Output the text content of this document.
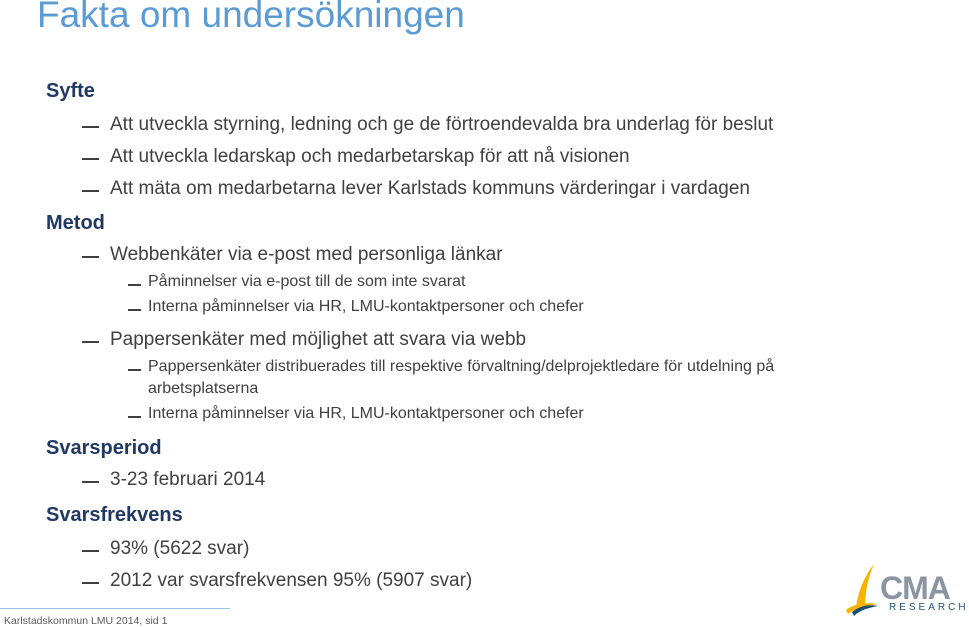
Fakta om undersökningen
Syfte
Att utveckla styrning, ledning och ge de förtroendevalda bra underlag för beslut
Att utveckla ledarskap och medarbetarskap för att nå visionen
Att mäta om medarbetarna lever Karlstads kommuns värderingar i vardagen
Metod
Webbenkäter via e-post med personliga länkar
Påminnelser via e-post till de som inte svarat
Interna påminnelser via HR, LMU-kontaktpersoner och chefer
Pappersenkäter med möjlighet att svara via webb
Pappersenkäter distribuerades till respektive förvaltning/delprojektledare för utdelning på
arbetsplatserna
Interna påminnelser via HR, LMU-kontaktpersoner och chefer
Svarsperiod
3-23 februari 2014
Svarsfrekvens
93% (5622 svar)
2012 var svarsfrekvensen 95% (5907 svar)
Karlstadskommun LMU 2014, sid 1
CMA
RESEARCH
